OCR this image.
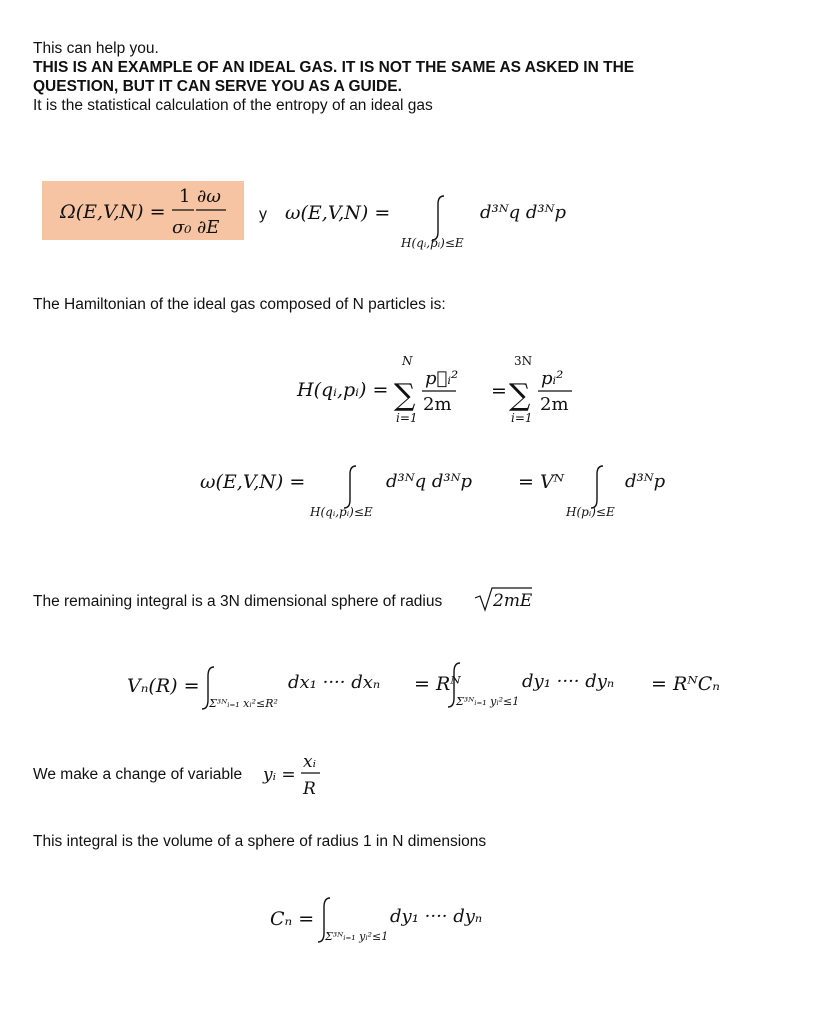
This can help you.
THIS IS AN EXAMPLE OF AN IDEAL GAS. IT IS NOT THE SAME AS ASKED IN THE
QUESTION, BUT IT CAN SERVE YOU AS A GUIDE.
It is the statistical calculation of the entropy of an ideal gas
Ω(E,V,N) =
1
σ₀
∂ω
∂E
y ω(E,V,N) =	d³ᴺq d³ᴺp
H(qᵢ,pᵢ)≤E
The Hamiltonian of the ideal gas composed of N particles is:
H(qᵢ,pᵢ) =
N
∑
i=1
p⃗ᵢ²
2m
=
3N
∑
i=1
pᵢ²
2m
ω(E,V,N) =	d³ᴺq d³ᴺp
H(qᵢ,pᵢ)≤E
= Vᴺ	d³ᴺp
H(pᵢ)≤E
The remaining integral is a 3N dimensional sphere of radius	2mE
Vₙ(R) =
Σ³ᴺᵢ₌₁ xᵢ²≤R²
dx₁ ···· dxₙ = Rᴺ
Σ³ᴺᵢ₌₁ yᵢ²≤1
dy₁ ···· dyₙ = RᴺCₙ
We make a change of variable yᵢ =
xᵢ
R
This integral is the volume of a sphere of radius 1 in N dimensions
Cₙ =
Σ³ᴺᵢ₌₁ yᵢ²≤1
dy₁ ···· dyₙ
